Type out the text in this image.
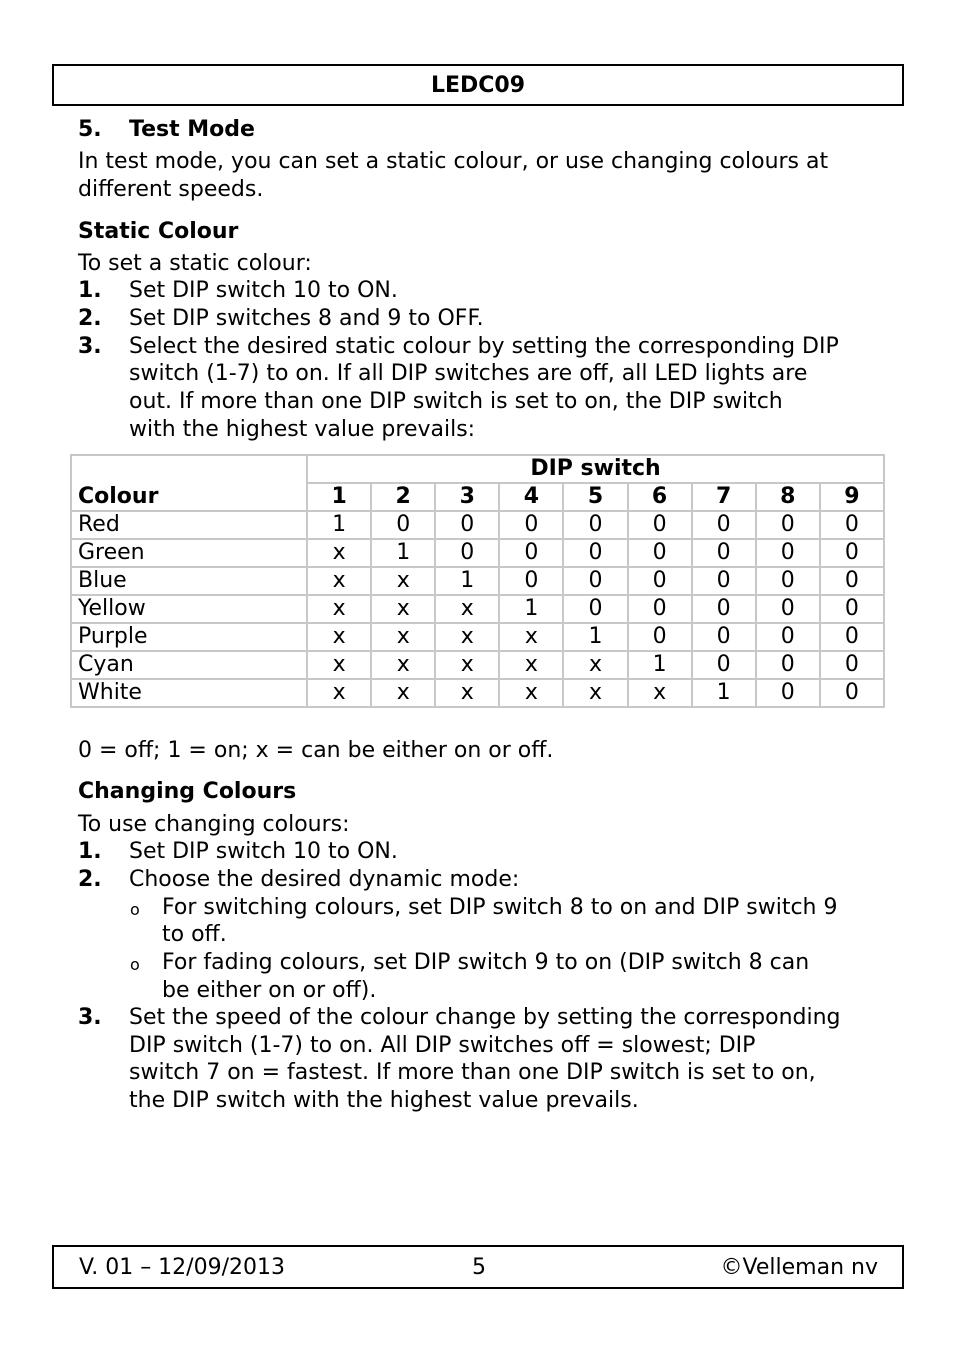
LEDC09
5. Test Mode
In test mode, you can set a static colour, or use changing colours at
different speeds.
Static Colour
To set a static colour:
1. Set DIP switch 10 to ON.
2. Set DIP switches 8 and 9 to OFF.
3. Select the desired static colour by setting the corresponding DIP
switch (1-7) to on. If all DIP switches are off, all LED lights are
out. If more than one DIP switch is set to on, the DIP switch
with the highest value prevails:
	DIP switch								
Colour	1	2	3	4	5	6	7	8	9
Red	1	0	0	0	0	0	0	0	0
Green	x	1	0	0	0	0	0	0	0
Blue	x	x	1	0	0	0	0	0	0
Yellow	x	x	x	1	0	0	0	0	0
Purple	x	x	x	x	1	0	0	0	0
Cyan	x	x	x	x	x	1	0	0	0
White	x	x	x	x	x	x	1	0	0
0 = off; 1 = on; x = can be either on or off.
Changing Colours
To use changing colours:
1. Set DIP switch 10 to ON.
2. Choose the desired dynamic mode:
o For switching colours, set DIP switch 8 to on and DIP switch 9
to off.
o For fading colours, set DIP switch 9 to on (DIP switch 8 can
be either on or off).
3. Set the speed of the colour change by setting the corresponding
DIP switch (1-7) to on. All DIP switches off = slowest; DIP
switch 7 on = fastest. If more than one DIP switch is set to on,
the DIP switch with the highest value prevails.
V. 01 – 12/09/2013	5	©Velleman nv
